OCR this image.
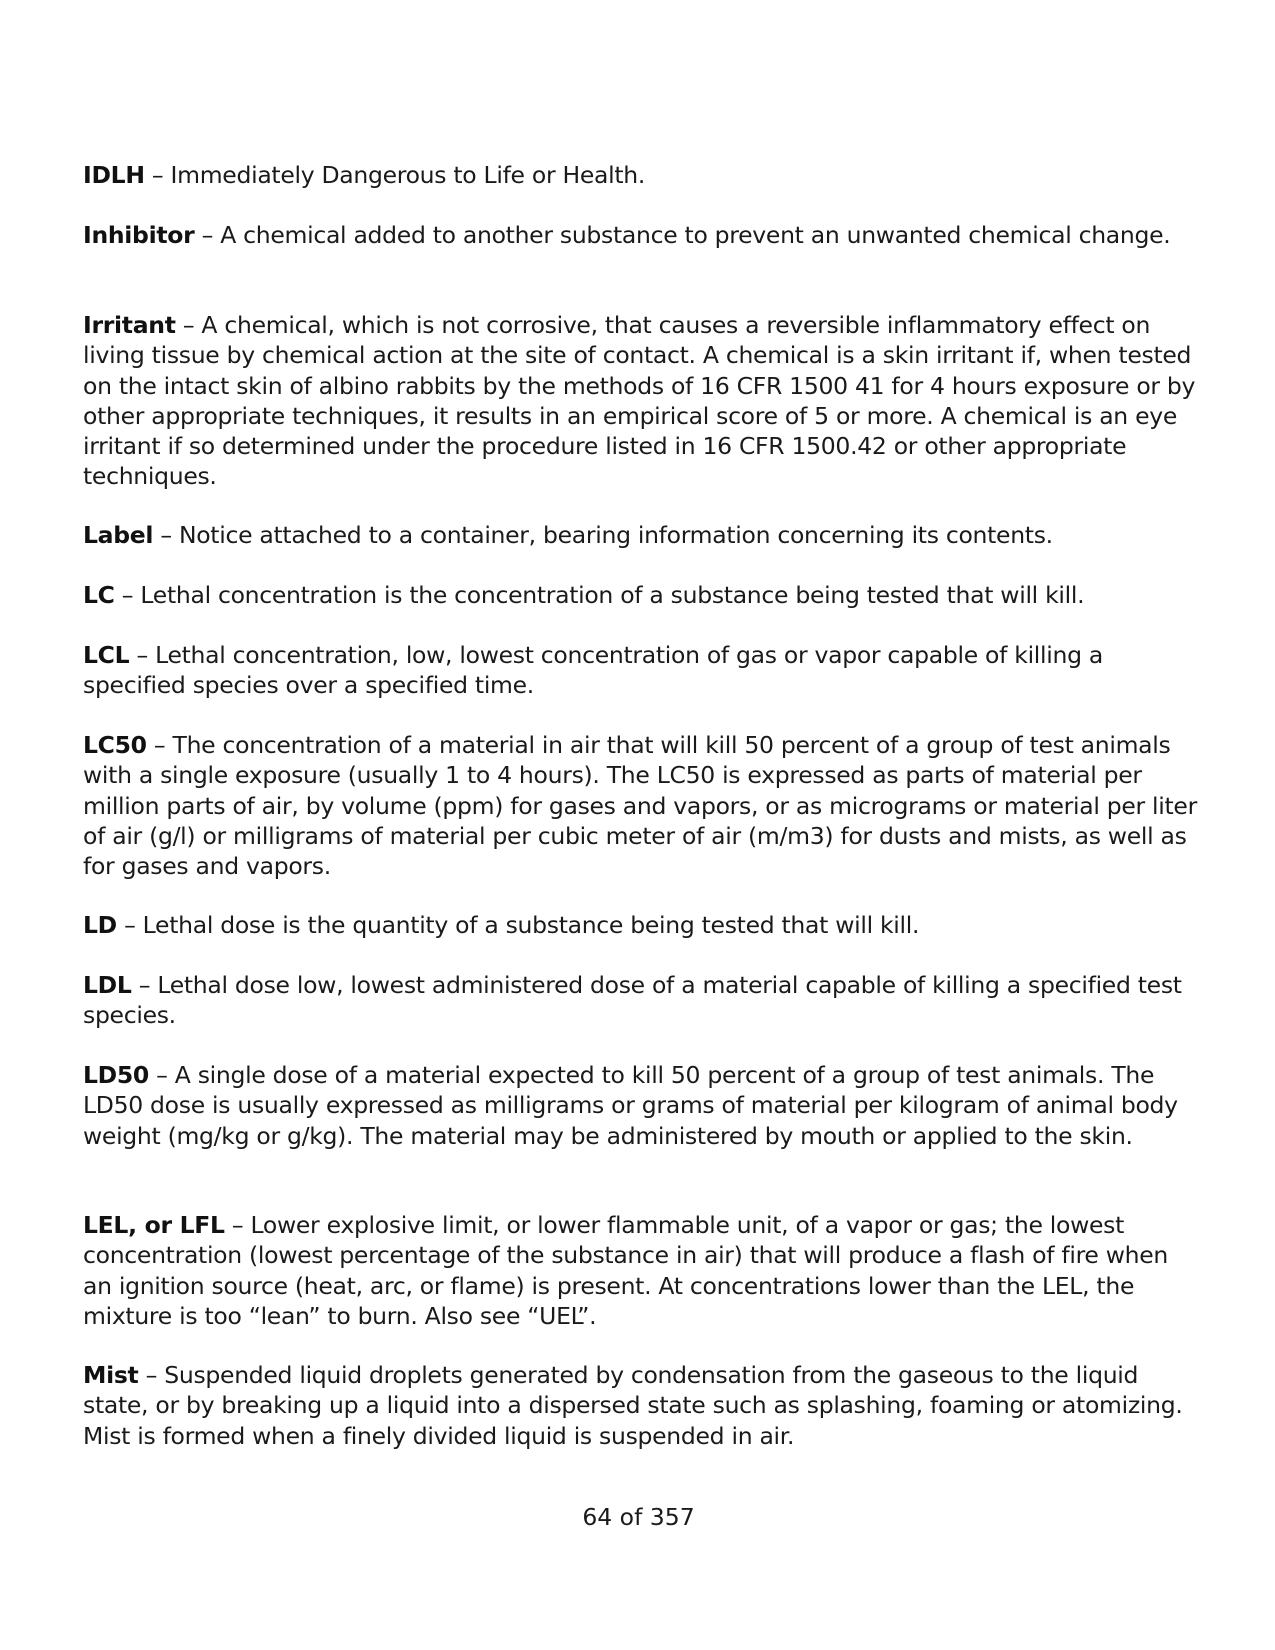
IDLH – Immediately Dangerous to Life or Health.

Inhibitor – A chemical added to another substance to prevent an unwanted chemical change.

Irritant – A chemical, which is not corrosive, that causes a reversible inflammatory effect on living tissue by chemical action at the site of contact. A chemical is a skin irritant if, when tested on the intact skin of albino rabbits by the methods of 16 CFR 1500 41 for 4 hours exposure or by other appropriate techniques, it results in an empirical score of 5 or more. A chemical is an eye irritant if so determined under the procedure listed in 16 CFR 1500.42 or other appropriate techniques.

Label – Notice attached to a container, bearing information concerning its contents.

LC – Lethal concentration is the concentration of a substance being tested that will kill.

LCL – Lethal concentration, low, lowest concentration of gas or vapor capable of killing a specified species over a specified time.

LC50 – The concentration of a material in air that will kill 50 percent of a group of test animals with a single exposure (usually 1 to 4 hours). The LC50 is expressed as parts of material per million parts of air, by volume (ppm) for gases and vapors, or as micrograms or material per liter of air (g/l) or milligrams of material per cubic meter of air (m/m3) for dusts and mists, as well as for gases and vapors.

LD – Lethal dose is the quantity of a substance being tested that will kill.

LDL – Lethal dose low, lowest administered dose of a material capable of killing a specified test species.

LD50 – A single dose of a material expected to kill 50 percent of a group of test animals. The LD50 dose is usually expressed as milligrams or grams of material per kilogram of animal body weight (mg/kg or g/kg). The material may be administered by mouth or applied to the skin.

LEL, or LFL – Lower explosive limit, or lower flammable unit, of a vapor or gas; the lowest concentration (lowest percentage of the substance in air) that will produce a flash of fire when an ignition source (heat, arc, or flame) is present. At concentrations lower than the LEL, the mixture is too “lean” to burn. Also see “UEL”.

Mist – Suspended liquid droplets generated by condensation from the gaseous to the liquid state, or by breaking up a liquid into a dispersed state such as splashing, foaming or atomizing. Mist is formed when a finely divided liquid is suspended in air.

64 of 357
